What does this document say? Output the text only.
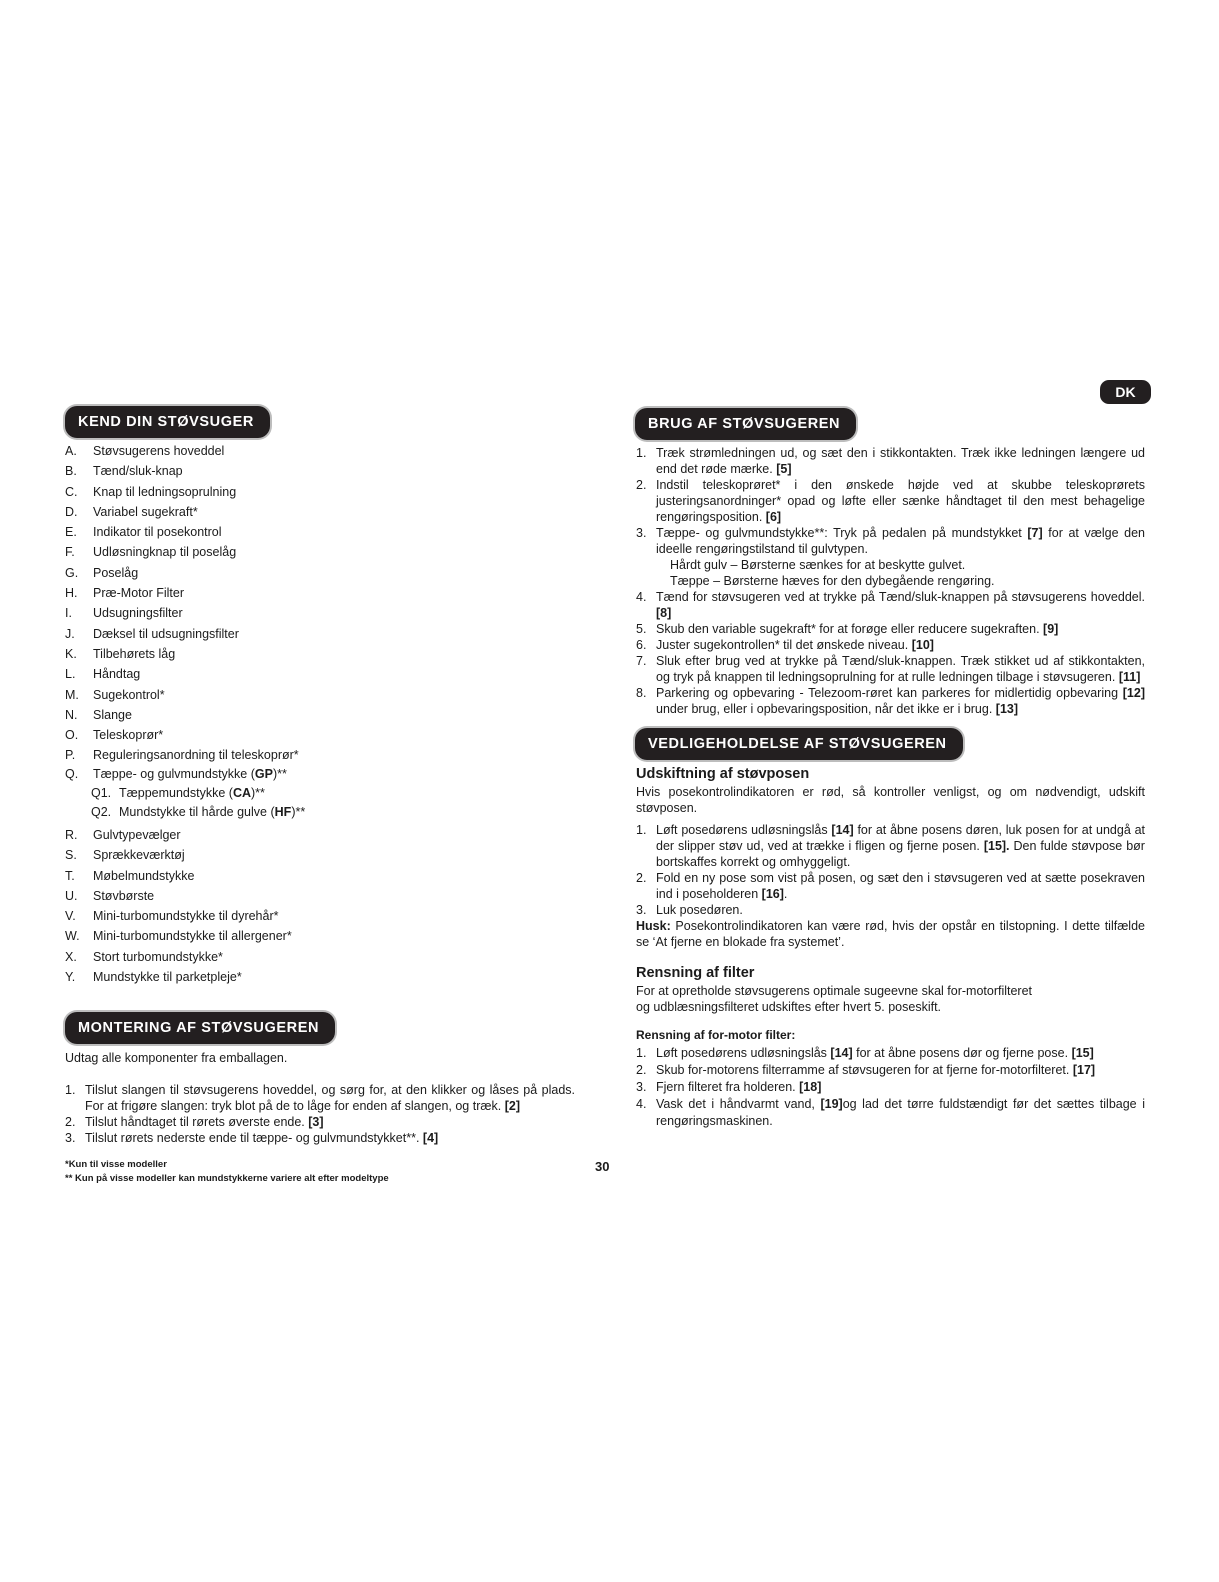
DK
KEND DIN STØVSUGER
A. Støvsugerens hoveddel
B. Tænd/sluk-knap
C. Knap til ledningsoprulning
D. Variabel sugekraft*
E. Indikator til posekontrol
F. Udløsningknap til poselåg
G. Poselåg
H. Præ-Motor Filter
I. Udsugningsfilter
J. Dæksel til udsugningsfilter
K. Tilbehørets låg
L. Håndtag
M. Sugekontrol*
N. Slange
O. Teleskoprør*
P. Reguleringsanordning til teleskoprør*
Q. Tæppe- og gulvmundstykke (GP)**
Q1. Tæppemundstykke (CA)**
Q2. Mundstykke til hårde gulve (HF)**
R. Gulvtypevælger
S. Sprækkeværktøj
T. Møbelmundstykke
U. Støvbørste
V. Mini-turbomundstykke til dyrehår*
W. Mini-turbomundstykke til allergener*
X. Stort turbomundstykke*
Y. Mundstykke til parketpleje*
MONTERING AF STØVSUGEREN

Udtag alle komponenter fra emballagen.

1. Tilslut slangen til støvsugerens hoveddel, og sørg for, at den klikker og låses på plads. For at frigøre slangen: tryk blot på de to låge for enden af slangen, og træk. [2]
2. Tilslut håndtaget til rørets øverste ende. [3]
3. Tilslut rørets nederste ende til tæppe- og gulvmundstykket**. [4]
*Kun til visse modeller
** Kun på visse modeller kan mundstykkerne variere alt efter modeltype
30
BRUG AF STØVSUGEREN
1. Træk strømledningen ud, og sæt den i stikkontakten. Træk ikke ledningen længere ud end det røde mærke. [5]
2. Indstil teleskoprøret* i den ønskede højde ved at skubbe teleskoprørets justeringsanordninger* opad og løfte eller sænke håndtaget til den mest behagelige rengøringsposition. [6]
3. Tæppe- og gulvmundstykke**: Tryk på pedalen på mundstykket [7] for at vælge den ideelle rengøringstilstand til gulvtypen.
Hårdt gulv – Børsterne sænkes for at beskytte gulvet.
Tæppe – Børsterne hæves for den dybegående rengøring.
4. Tænd for støvsugeren ved at trykke på Tænd/sluk-knappen på støvsugerens hoveddel. [8]
5. Skub den variable sugekraft* for at forøge eller reducere sugekraften. [9]
6. Juster sugekontrollen* til det ønskede niveau. [10]
7. Sluk efter brug ved at trykke på Tænd/sluk-knappen. Træk stikket ud af stikkontakten, og tryk på knappen til ledningsoprulning for at rulle ledningen tilbage i støvsugeren. [11]
8. Parkering og opbevaring - Telezoom-røret kan parkeres for midlertidig opbevaring [12] under brug, eller i opbevaringsposition, når det ikke er i brug. [13]
VEDLIGEHOLDELSE AF STØVSUGEREN
Udskiftning af støvposen

Hvis posekontrolindikatoren er rød, så kontroller venligst, og om nødvendigt, udskift støvposen.

1. Løft posedørens udløsningslås [14] for at åbne posens døren, luk posen for at undgå at der slipper støv ud, ved at trække i fligen og fjerne posen. [15]. Den fulde støvpose bør bortskaffes korrekt og omhyggeligt.
2. Fold en ny pose som vist på posen, og sæt den i støvsugeren ved at sætte posekraven ind i poseholderen [16].
3. Luk posedøren.

Husk: Posekontrolindikatoren kan være rød, hvis der opstår en tilstopning. I dette tilfælde se ‘At fjerne en blokade fra systemet’.

Rensning af filter

For at opretholde støvsugerens optimale sugeevne skal for-motorfilteret
og udblæsningsfilteret udskiftes efter hvert 5. poseskift.

Rensning af for-motor filter:
1. Løft posedørens udløsningslås [14] for at åbne posens dør og fjerne pose. [15]
2. Skub for-motorens filterramme af støvsugeren for at fjerne for-motorfilteret. [17]
3. Fjern filteret fra holderen. [18]
4. Vask det i håndvarmt vand, [19]og lad det tørre fuldstændigt før det sættes tilbage i rengøringsmaskinen.
